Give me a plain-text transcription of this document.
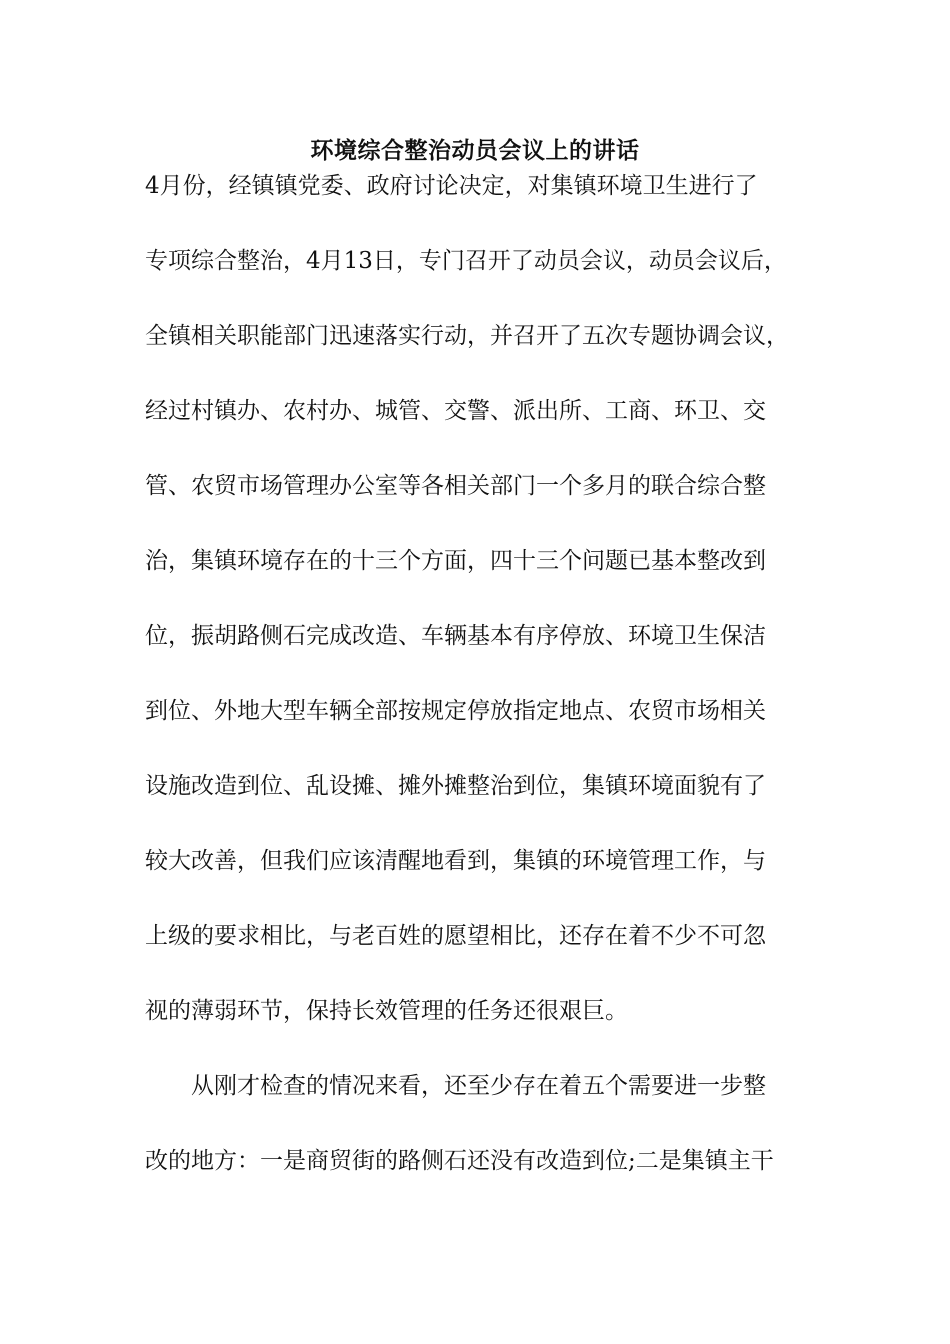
环境综合整治动员会议上的讲话
4月份，经镇镇党委、政府讨论决定，对集镇环境卫生进行了
专项综合整治，4月13日，专门召开了动员会议，动员会议后，
全镇相关职能部门迅速落实行动，并召开了五次专题协调会议，
经过村镇办、农村办、城管、交警、派出所、工商、环卫、交
管、农贸市场管理办公室等各相关部门一个多月的联合综合整
治，集镇环境存在的十三个方面，四十三个问题已基本整改到
位，振胡路侧石完成改造、车辆基本有序停放、环境卫生保洁
到位、外地大型车辆全部按规定停放指定地点、农贸市场相关
设施改造到位、乱设摊、摊外摊整治到位，集镇环境面貌有了
较大改善，但我们应该清醒地看到，集镇的环境管理工作，与
上级的要求相比，与老百姓的愿望相比，还存在着不少不可忽
视的薄弱环节，保持长效管理的任务还很艰巨。
从刚才检查的情况来看，还至少存在着五个需要进一步整
改的地方：一是商贸街的路侧石还没有改造到位;二是集镇主干
